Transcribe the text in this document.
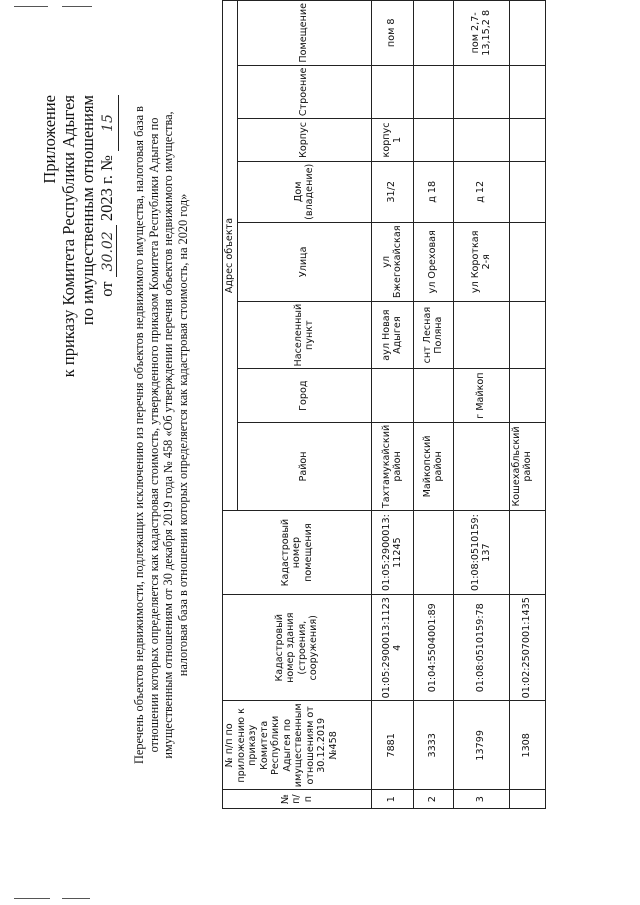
Приложение к приказу Комитета Республики Адыгея по имущественным отношениям от 30.02 2023 г. № 15 Перечень объектов недвижимости, подлежащих исключению из перечня объектов недвижимого имущества, налоговая база в отношении которых определяется как кадастровая стоимость, утвержденного приказом Комитета Республики Адыгея по имущественным отношениям от 30 декабря 2019 года № 458 «Об утверждении перечня объектов недвижимого имущества, налоговая база в отношении которых определяется как кадастровая стоимость, на 2020 год»
№ п/п	№ п/п по приложению к приказу Комитета Республики Адыгея по имущественным отношениям от 30.12.2019 №458	Кадастровый номер здания (строения, сооружения)	Кадастровый номер помещения	Адрес объекта							
				Район	Город	Населенный пункт	Улица	Дом (владение)	Корпус	Строение	Помещение
1	7881	01:05:2900013:1123 4	01:05:2900013: 11245	Тахтамукайский район		аул Новая Адыгея	ул Бжегокайская	31/2	корпус 1		пом 8
2	3333	01:04:5504001:89		Майкопский район		снт Лесная Поляна	ул Ореховая	д 18			
3	13799	01:08:0510159:78	01:08:0510159: 137		г Майкоп		ул Короткая 2-я	д 12			пом 2,7-13,15,2 8
	1308	01:02:2507001:1435		Кошехабльский район							
